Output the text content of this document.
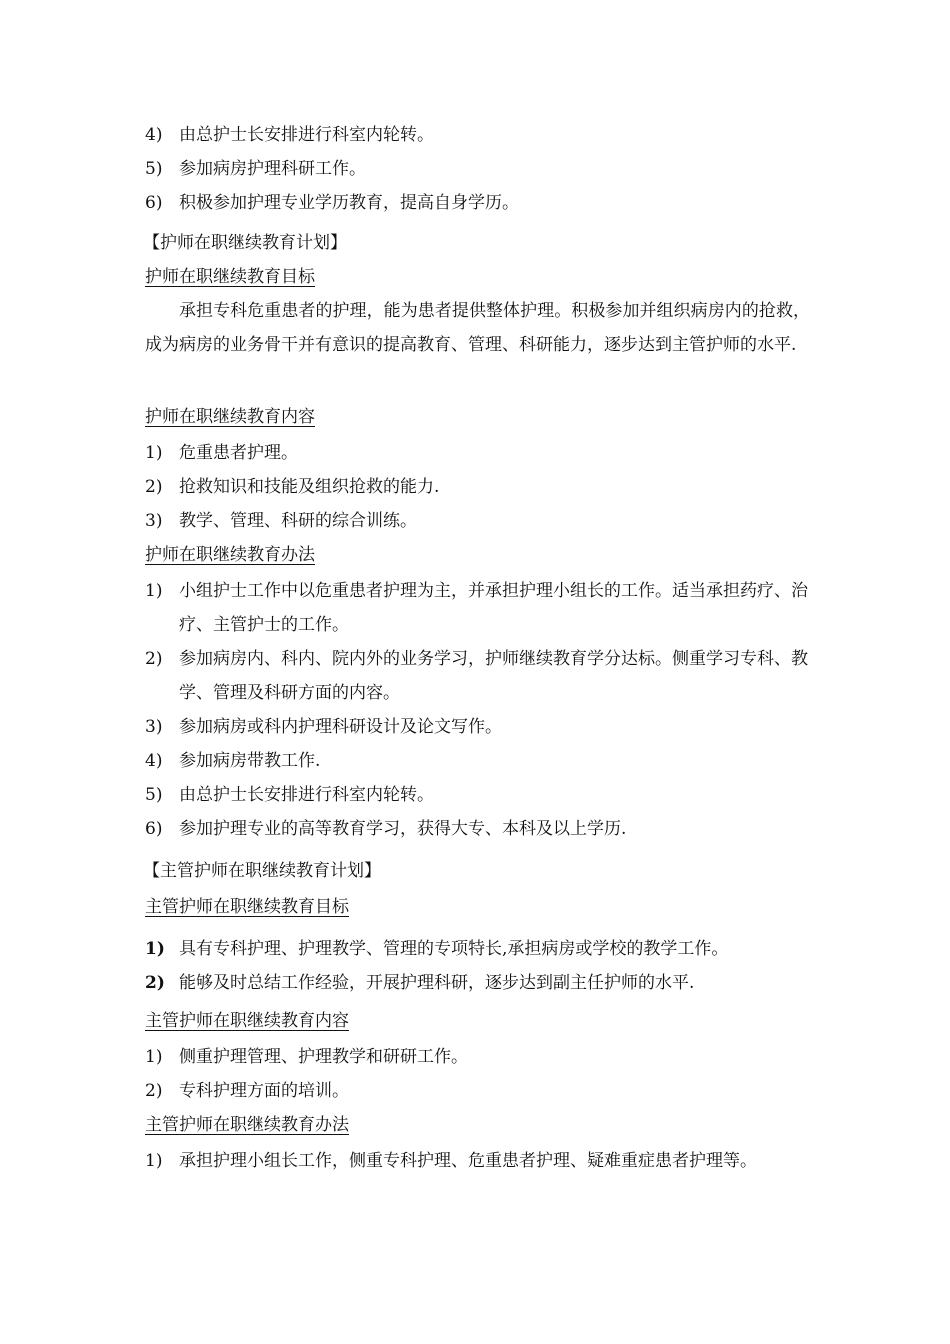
4) 由总护士长安排进行科室内轮转。
5) 参加病房护理科研工作。
6) 积极参加护理专业学历教育，提高自身学历。
【护师在职继续教育计划】
护师在职继续教育目标
承担专科危重患者的护理，能为患者提供整体护理。积极参加并组织病房内的抢救，成为病房的业务骨干并有意识的提高教育、管理、科研能力，逐步达到主管护师的水平.
护师在职继续教育内容
1) 危重患者护理。
2) 抢救知识和技能及组织抢救的能力.
3) 教学、管理、科研的综合训练。
护师在职继续教育办法
1) 小组护士工作中以危重患者护理为主，并承担护理小组长的工作。适当承担药疗、治疗、主管护士的工作。
2) 参加病房内、科内、院内外的业务学习，护师继续教育学分达标。侧重学习专科、教学、管理及科研方面的内容。
3) 参加病房或科内护理科研设计及论文写作。
4) 参加病房带教工作.
5) 由总护士长安排进行科室内轮转。
6) 参加护理专业的高等教育学习，获得大专、本科及以上学历.
【主管护师在职继续教育计划】
主管护师在职继续教育目标
1) 具有专科护理、护理教学、管理的专项特长,承担病房或学校的教学工作。
2) 能够及时总结工作经验，开展护理科研，逐步达到副主任护师的水平.
主管护师在职继续教育内容
1) 侧重护理管理、护理教学和研研工作。
2) 专科护理方面的培训。
主管护师在职继续教育办法
1) 承担护理小组长工作，侧重专科护理、危重患者护理、疑难重症患者护理等。
